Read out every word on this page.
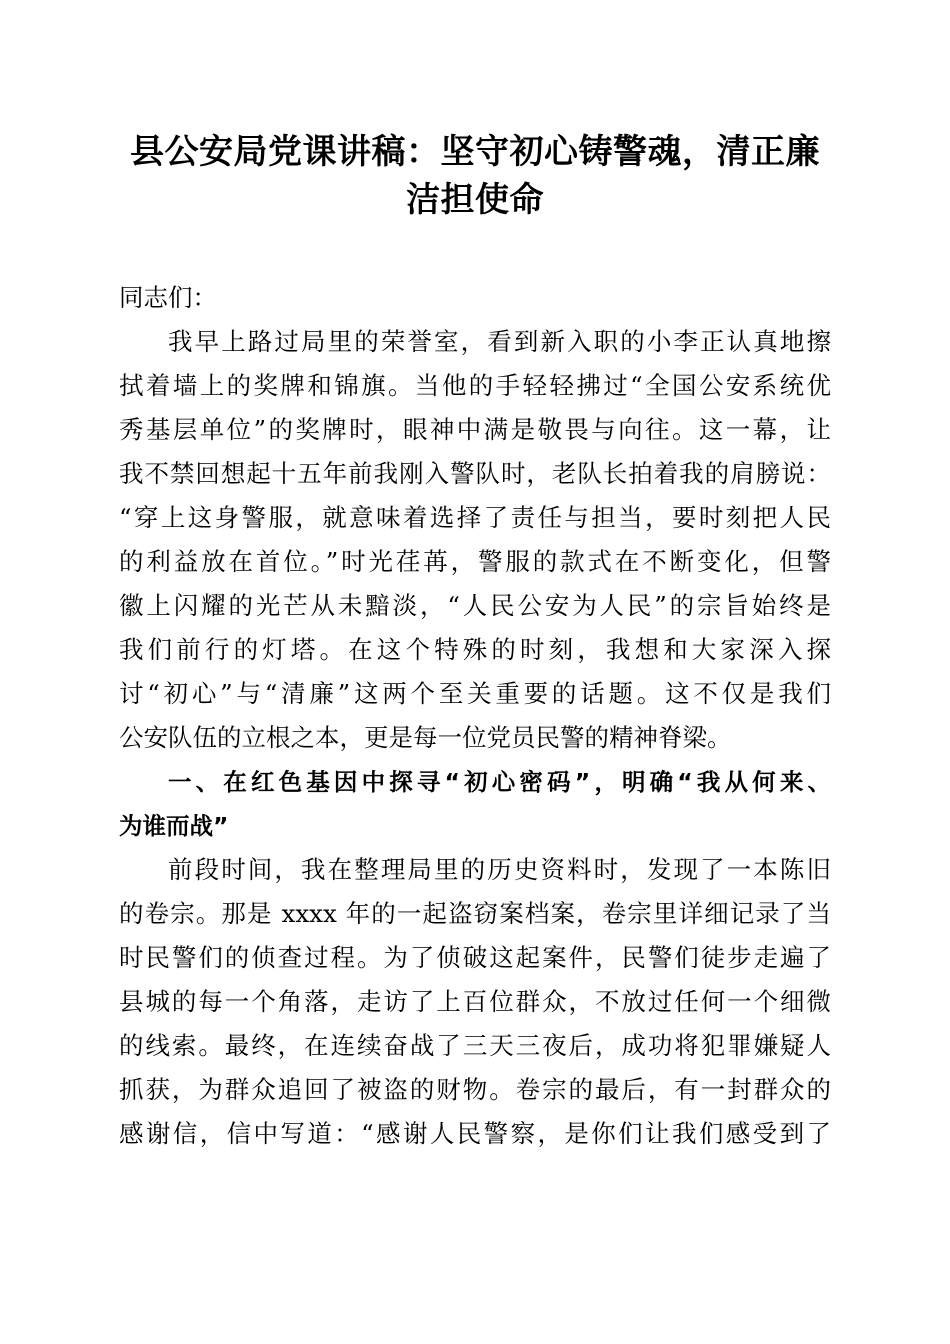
县公安局党课讲稿：坚守初心铸警魂，清正廉
洁担使命
同志们：
我早上路过局里的荣誉室，看到新入职的小李正认真地擦
拭着墙上的奖牌和锦旗。当他的手轻轻拂过“全国公安系统优
秀基层单位”的奖牌时，眼神中满是敬畏与向往。这一幕，让
我不禁回想起十五年前我刚入警队时，老队长拍着我的肩膀说：
“穿上这身警服，就意味着选择了责任与担当，要时刻把人民
的利益放在首位。”时光荏苒，警服的款式在不断变化，但警
徽上闪耀的光芒从未黯淡，“人民公安为人民”的宗旨始终是
我们前行的灯塔。在这个特殊的时刻，我想和大家深入探
讨“初心”与“清廉”这两个至关重要的话题。这不仅是我们
公安队伍的立根之本，更是每一位党员民警的精神脊梁。
一、在红色基因中探寻“初心密码”，明确“我从何来、
为谁而战”
前段时间，我在整理局里的历史资料时，发现了一本陈旧
的卷宗。那是 xxxx 年的一起盗窃案档案，卷宗里详细记录了当
时民警们的侦查过程。为了侦破这起案件，民警们徒步走遍了
县城的每一个角落，走访了上百位群众，不放过任何一个细微
的线索。最终，在连续奋战了三天三夜后，成功将犯罪嫌疑人
抓获，为群众追回了被盗的财物。卷宗的最后，有一封群众的
感谢信，信中写道：“感谢人民警察，是你们让我们感受到了
